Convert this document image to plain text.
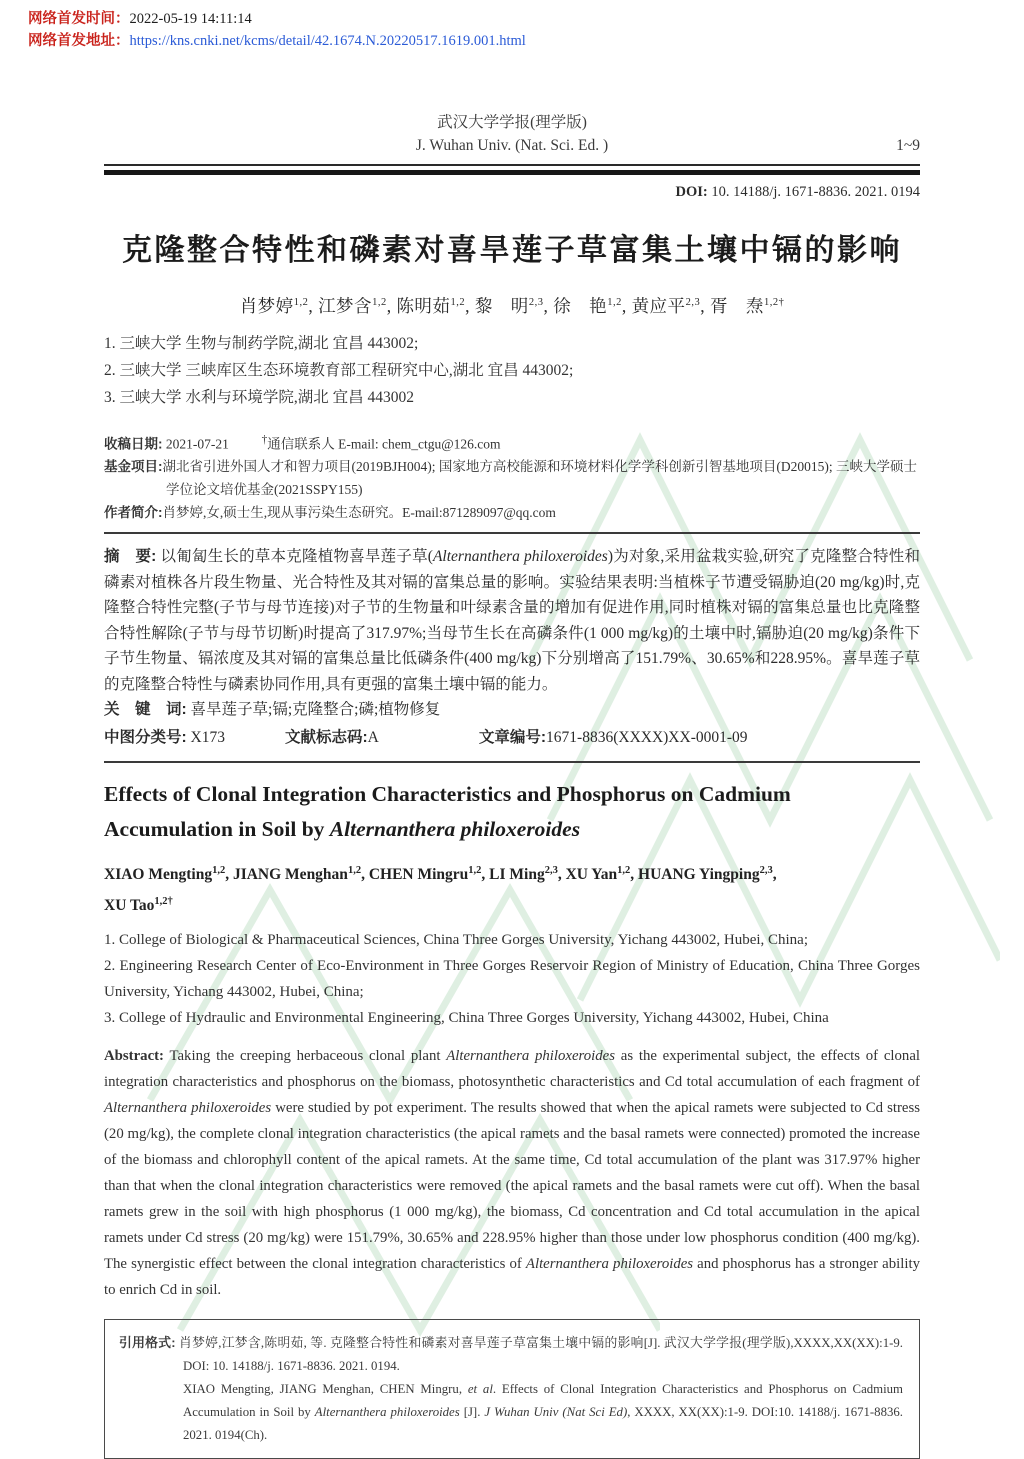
网络首发时间：2022-05-19 14:11:14
网络首发地址：https://kns.cnki.net/kcms/detail/42.1674.N.20220517.1619.001.html
武汉大学学报(理学版)
J. Wuhan Univ. (Nat. Sci. Ed. )	1~9
DOI: 10. 14188/j. 1671-8836. 2021. 0194
克隆整合特性和磷素对喜旱莲子草富集土壤中镉的影响
肖梦婷$^{1,2}$, 江梦含$^{1,2}$, 陈明茹$^{1,2}$, 黎　明$^{2,3}$, 徐　艳$^{1,2}$, 黄应平$^{2,3}$, 胥　焘$^{1,2\dagger}$
1. 三峡大学 生物与制药学院,湖北 宜昌 443002;
2. 三峡大学 三峡库区生态环境教育部工程研究中心,湖北 宜昌 443002;
3. 三峡大学 水利与环境学院,湖北 宜昌 443002
收稿日期: 2021-07-21	†通信联系人 E-mail: chem_ctgu@126.com
基金项目:湖北省引进外国人才和智力项目(2019BJH004); 国家地方高校能源和环境材料化学学科创新引智基地项目(D20015); 三峡大学硕士学位论文培优基金(2021SSPY155)
作者简介:肖梦婷,女,硕士生,现从事污染生态研究。E-mail:871289097@qq.com

摘　要: 以匍匐生长的草本克隆植物喜旱莲子草(Alternanthera philoxeroides)为对象,采用盆栽实验,研究了克隆整合特性和磷素对植株各片段生物量、光合特性及其对镉的富集总量的影响。实验结果表明:当植株子节遭受镉胁迫(20 mg/kg)时,克隆整合特性完整(子节与母节连接)对子节的生物量和叶绿素含量的增加有促进作用,同时植株对镉的富集总量也比克隆整合特性解除(子节与母节切断)时提高了317.97%;当母节生长在高磷条件(1 000 mg/kg)的土壤中时,镉胁迫(20 mg/kg)条件下子节生物量、镉浓度及其对镉的富集总量比低磷条件(400 mg/kg)下分别增高了151.79%、30.65%和228.95%。喜旱莲子草的克隆整合特性与磷素协同作用,具有更强的富集土壤中镉的能力。

关　键　词: 喜旱莲子草;镉;克隆整合;磷;植物修复
中图分类号: X173	文献标志码:A	文章编号:1671-8836(XXXX)XX-0001-09
Effects of Clonal Integration Characteristics and Phosphorus on Cadmium Accumulation in Soil by Alternanthera philoxeroides
XIAO Mengting$^{1,2}$, JIANG Menghan$^{1,2}$, CHEN Mingru$^{1,2}$, LI Ming$^{2,3}$, XU Yan$^{1,2}$, HUANG Yingping$^{2,3}$,
XU Tao$^{1,2\dagger}$
1. College of Biological & Pharmaceutical Sciences, China Three Gorges University, Yichang 443002, Hubei, China;
2. Engineering Research Center of Eco-Environment in Three Gorges Reservoir Region of Ministry of Education, China Three Gorges University, Yichang 443002, Hubei, China;
3. College of Hydraulic and Environmental Engineering, China Three Gorges University, Yichang 443002, Hubei, China

Abstract: Taking the creeping herbaceous clonal plant Alternanthera philoxeroides as the experimental subject, the effects of clonal integration characteristics and phosphorus on the biomass, photosynthetic characteristics and Cd total accumulation of each fragment of Alternanthera philoxeroides were studied by pot experiment. The results showed that when the apical ramets were subjected to Cd stress (20 mg/kg), the complete clonal integration characteristics (the apical ramets and the basal ramets were connected) promoted the increase of the biomass and chlorophyll content of the apical ramets. At the same time, Cd total accumulation of the plant was 317.97% higher than that when the clonal integration characteristics were removed (the apical ramets and the basal ramets were cut off). When the basal ramets grew in the soil with high phosphorus (1 000 mg/kg), the biomass, Cd concentration and Cd total accumulation in the apical ramets under Cd stress (20 mg/kg) were 151.79%, 30.65% and 228.95% higher than those under low phosphorus condition (400 mg/kg). The synergistic effect between the clonal integration characteristics of Alternanthera philoxeroides and phosphorus has a stronger ability to enrich Cd in soil.

引用格式: 肖梦婷,江梦含,陈明茹, 等. 克隆整合特性和磷素对喜旱莲子草富集土壤中镉的影响[J]. 武汉大学学报(理学版),XXXX,XX(XX):1-9. DOI: 10. 14188/j. 1671-8836. 2021. 0194.

XIAO Mengting, JIANG Menghan, CHEN Mingru, et al. Effects of Clonal Integration Characteristics and Phosphorus on Cadmium Accumulation in Soil by Alternanthera philoxeroides [J]. J Wuhan Univ (Nat Sci Ed), XXXX, XX(XX):1-9. DOI:10. 14188/j. 1671-8836. 2021. 0194(Ch).
